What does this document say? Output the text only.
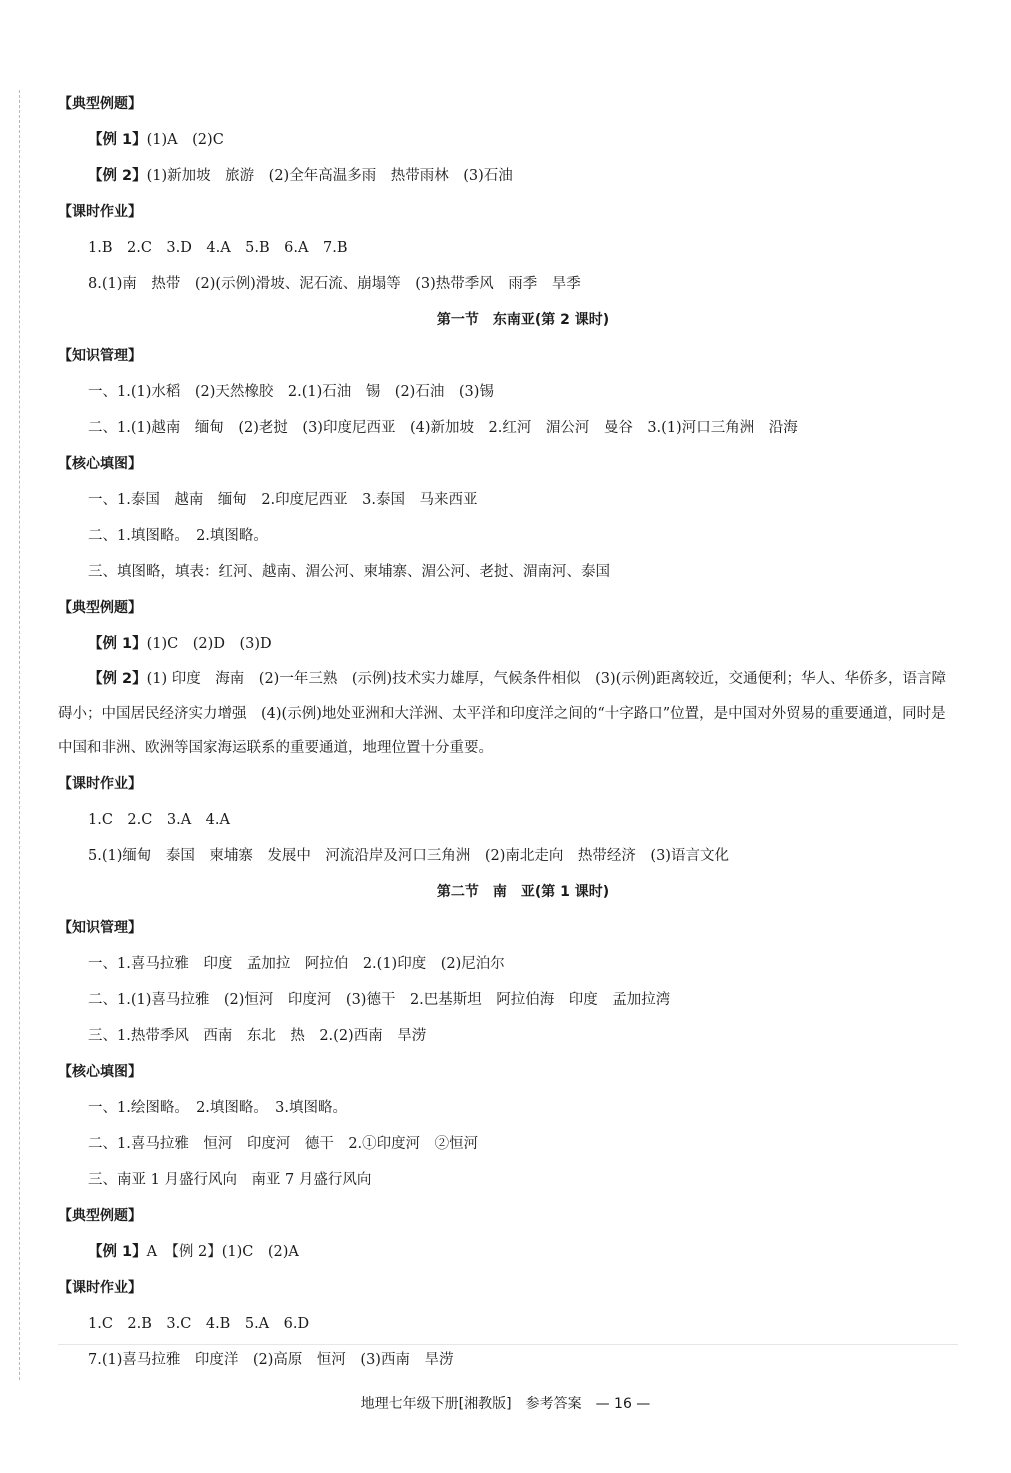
【典型例题】
【例 1】(1)A　(2)C
【例 2】(1)新加坡　旅游　(2)全年高温多雨　热带雨林　(3)石油
【课时作业】
1.B　2.C　3.D　4.A　5.B　6.A　7.B
8.(1)南　热带　(2)(示例)滑坡、泥石流、崩塌等　(3)热带季风　雨季　旱季
第一节　东南亚(第 2 课时)
【知识管理】
一、1.(1)水稻　(2)天然橡胶　2.(1)石油　锡　(2)石油　(3)锡
二、1.(1)越南　缅甸　(2)老挝　(3)印度尼西亚　(4)新加坡　2.红河　湄公河　曼谷　3.(1)河口三角洲　沿海
【核心填图】
一、1.泰国　越南　缅甸　2.印度尼西亚　3.泰国　马来西亚
二、1.填图略。　2.填图略。
三、填图略，填表：红河、越南、湄公河、柬埔寨、湄公河、老挝、湄南河、泰国
【典型例题】
【例 1】(1)C　(2)D　(3)D

【例 2】(1) 印度　海南　(2)一年三熟　(示例)技术实力雄厚，气候条件相似　(3)(示例)距离较近，交通便利；华人、华侨多，语言障碍小；中国居民经济实力增强　(4)(示例)地处亚洲和大洋洲、太平洋和印度洋之间的“十字路口”位置，是中国对外贸易的重要通道，同时是中国和非洲、欧洲等国家海运联系的重要通道，地理位置十分重要。

【课时作业】
1.C　2.C　3.A　4.A
5.(1)缅甸　泰国　柬埔寨　发展中　河流沿岸及河口三角洲　(2)南北走向　热带经济　(3)语言文化
第二节　南　亚(第 1 课时)
【知识管理】
一、1.喜马拉雅　印度　孟加拉　阿拉伯　2.(1)印度　(2)尼泊尔
二、1.(1)喜马拉雅　(2)恒河　印度河　(3)德干　2.巴基斯坦　阿拉伯海　印度　孟加拉湾
三、1.热带季风　西南　东北　热　2.(2)西南　旱涝
【核心填图】
一、1.绘图略。　2.填图略。　3.填图略。
二、1.喜马拉雅　恒河　印度河　德干　2.①印度河　②恒河
三、南亚 1 月盛行风向　南亚 7 月盛行风向
【典型例题】
【例 1】A　【例 2】(1)C　(2)A
【课时作业】
1.C　2.B　3.C　4.B　5.A　6.D
7.(1)喜马拉雅　印度洋　(2)高原　恒河　(3)西南　旱涝
地理七年级下册[湘教版]　参考答案　— 16 —
